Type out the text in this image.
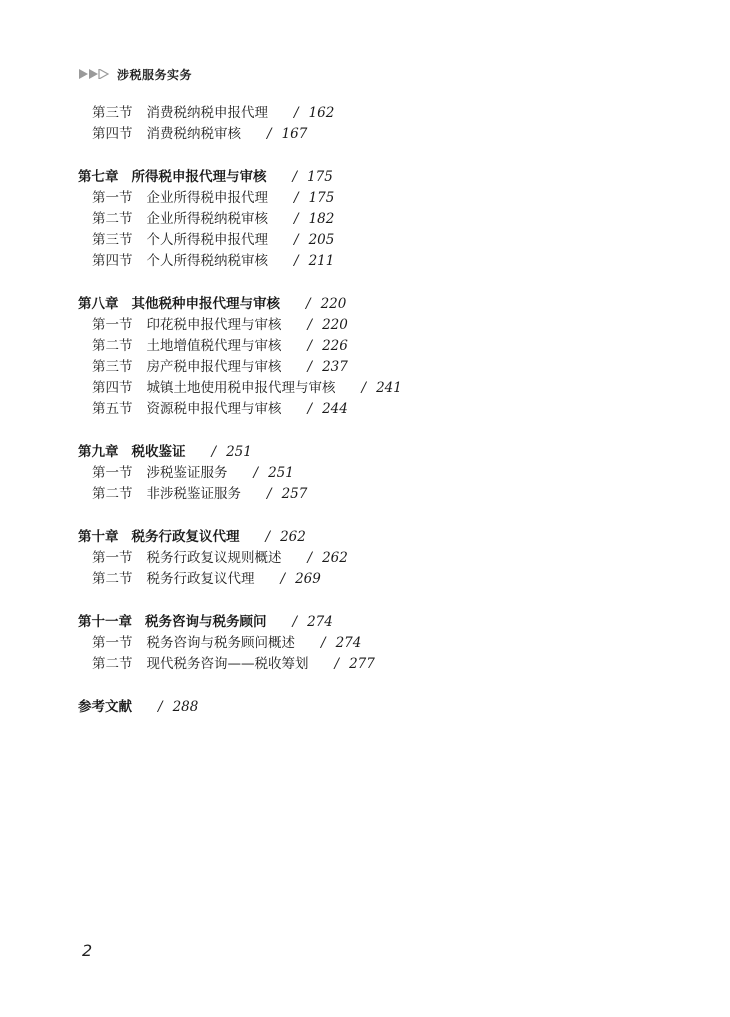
涉税服务实务
第三节 消费税纳税申报代理 / 162
第四节 消费税纳税审核 / 167
第七章 所得税申报代理与审核 / 175
第一节 企业所得税申报代理 / 175
第二节 企业所得税纳税审核 / 182
第三节 个人所得税申报代理 / 205
第四节 个人所得税纳税审核 / 211
第八章 其他税种申报代理与审核 / 220
第一节 印花税申报代理与审核 / 220
第二节 土地增值税代理与审核 / 226
第三节 房产税申报代理与审核 / 237
第四节 城镇土地使用税申报代理与审核 / 241
第五节 资源税申报代理与审核 / 244
第九章 税收鉴证 / 251
第一节 涉税鉴证服务 / 251
第二节 非涉税鉴证服务 / 257
第十章 税务行政复议代理 / 262
第一节 税务行政复议规则概述 / 262
第二节 税务行政复议代理 / 269
第十一章 税务咨询与税务顾问 / 274
第一节 税务咨询与税务顾问概述 / 274
第二节 现代税务咨询——税收筹划 / 277
参考文献 / 288
2
